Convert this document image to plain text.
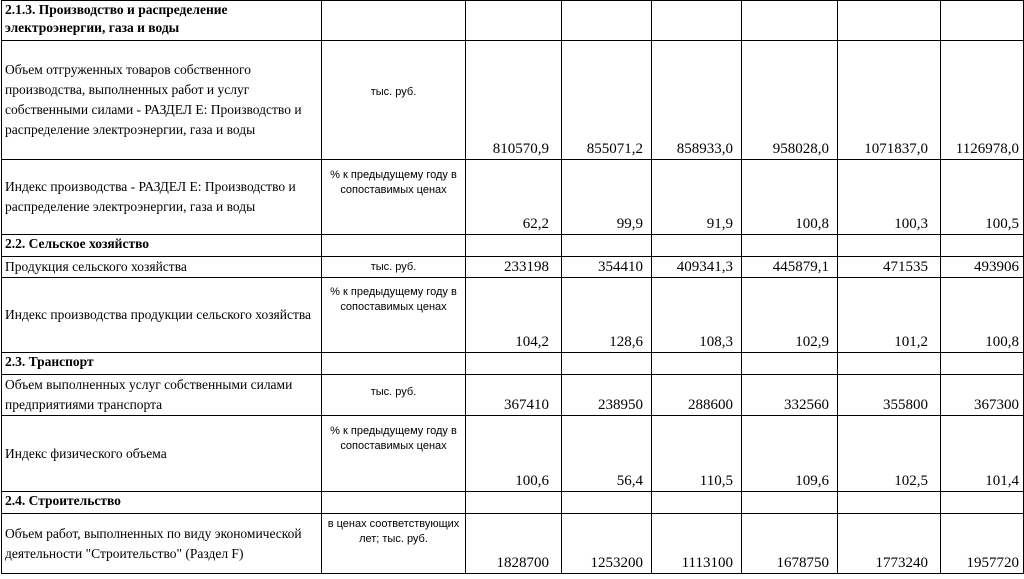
2.1.3. Производство и распределение электроэнергии, газа и воды							
Объем отгруженных товаров собственного производства, выполненных работ и услуг собственными силами - РАЗДЕЛ Е: Производство и распределение электроэнергии, газа и воды	тыс. руб.	810570,9	855071,2	858933,0	958028,0	1071837,0	1126978,0
Индекс производства - РАЗДЕЛ Е: Производство и распределение электроэнергии, газа и воды	% к предыдущему году в сопоставимых ценах	62,2	99,9	91,9	100,8	100,3	100,5
2.2. Сельское хозяйство							
Продукция сельского хозяйства	тыс. руб.	233198	354410	409341,3	445879,1	471535	493906
Индекс производства продукции сельского хозяйства	% к предыдущему году в сопоставимых ценах	104,2	128,6	108,3	102,9	101,2	100,8
2.3. Транспорт							
Объем выполненных услуг собственными силами предприятиями транспорта	тыс. руб.	367410	238950	288600	332560	355800	367300
Индекс физического объема	% к предыдущему году в сопоставимых ценах	100,6	56,4	110,5	109,6	102,5	101,4
2.4. Строительство							
Объем работ, выполненных по виду экономической деятельности "Строительство" (Раздел F)	в ценах соответствующих лет; тыс. руб.	1828700	1253200	1113100	1678750	1773240	1957720
